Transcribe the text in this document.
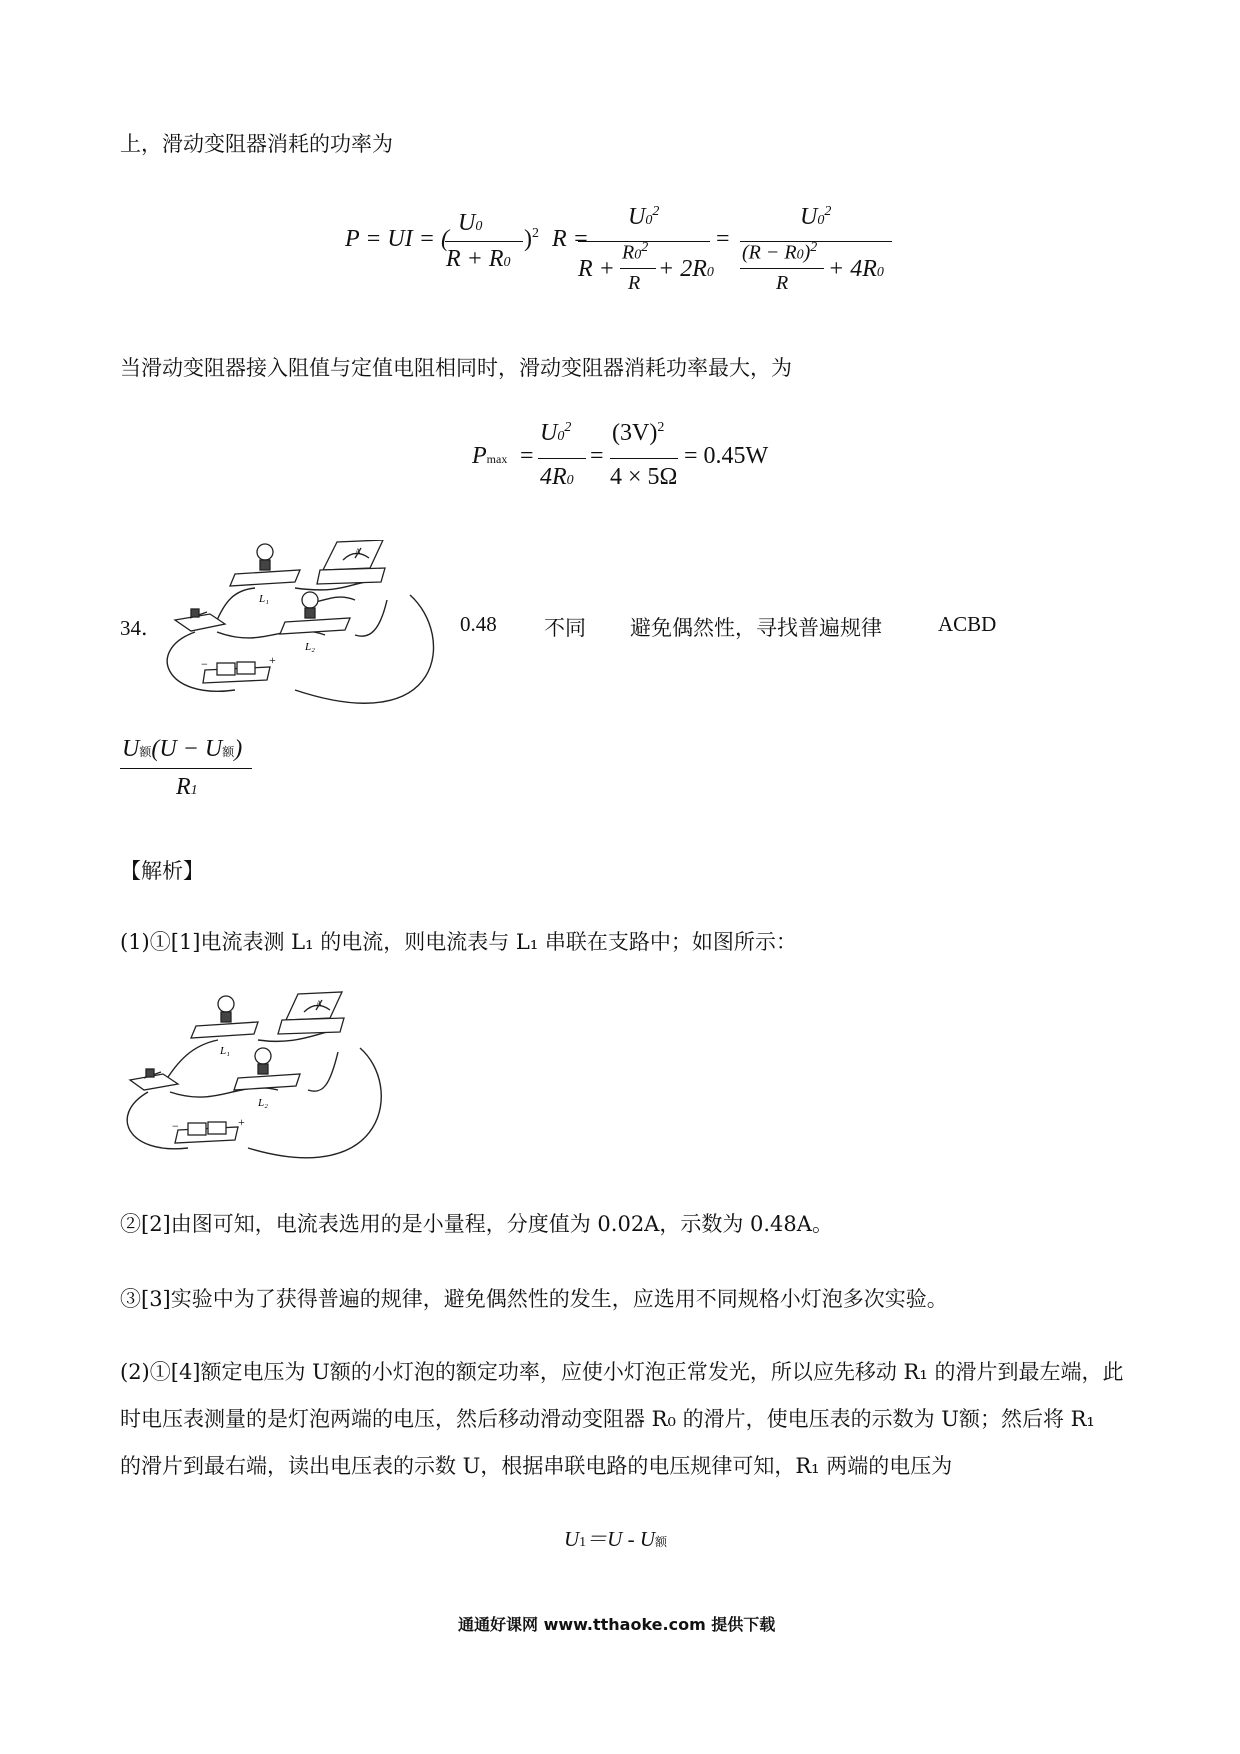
上，滑动变阻器消耗的功率为
P = UI = (
U0
R + R0
)$^2$ R =
$U0^2$
R +
$R0^2$
R
+ 2R0
=
$U0^2$
$(R - R0)^2$
R
+ 4R0
当滑动变阻器接入阻值与定值电阻相同时，滑动变阻器消耗功率最大，为
Pmax =
$U0^2$
4R0
=
$(3V)^2$
4 × 5Ω
= 0.45W
L₁
L₂
A
−	+
34．	0.48 不同 避免偶然性，寻找普遍规律	ACBD
U额(U − U额)
R1
【解析】
(1)①[1]电流表测 L₁ 的电流，则电流表与 L₁ 串联在支路中；如图所示：
L₁
L₂
A
−	+
②[2]由图可知，电流表选用的是小量程，分度值为 0.02A，示数为 0.48A。
③[3]实验中为了获得普遍的规律，避免偶然性的发生，应选用不同规格小灯泡多次实验。
(2)①[4]额定电压为 U额的小灯泡的额定功率，应使小灯泡正常发光，所以应先移动 R₁ 的滑片到最左端，此
时电压表测量的是灯泡两端的电压，然后移动滑动变阻器 R₀ 的滑片，使电压表的示数为 U额；然后将 R₁
的滑片到最右端，读出电压表的示数 U，根据串联电路的电压规律可知，R₁ 两端的电压为
U1＝U - U额
通通好课网 www.tthaoke.com 提供下载
